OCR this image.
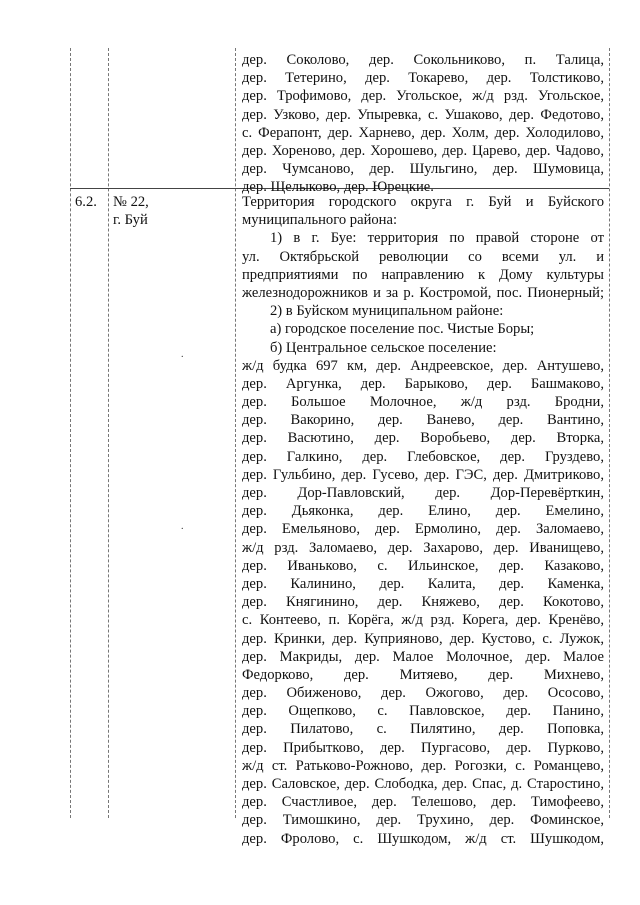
дер. Соколово, дер. Сокольниково, п. Талица,
дер. Тетерино, дер. Токарево, дер. Толстиково,
дер. Трофимово, дер. Угольское, ж/д рзд. Угольское,
дер. Узково, дер. Упыревка, с. Ушаково, дер. Федотово,
с. Ферапонт, дер. Харнево, дер. Холм, дер. Холодилово,
дер. Хореново, дер. Хорошево, дер. Царево, дер. Чадово,
дер. Чумсаново, дер. Шульгино, дер. Шумовица,
дер. Щелыково, дер. Юрецкие.
6.2. № 22,
г. Буй
Территория городского округа г. Буй и Буйского
муниципального района:
1) в г. Буе: территория по правой стороне от
ул. Октябрьской революции со всеми ул. и
предприятиями по направлению к Дому культуры
железнодорожников и за р. Костромой, пос. Пионерный;
2) в Буйском муниципальном районе:
а) городское поселение пос. Чистые Боры;
б) Центральное сельское поселение:
ж/д будка 697 км, дер. Андреевское, дер. Антушево,
дер. Аргунка, дер. Барыково, дер. Башмаково,
дер. Большое Молочное, ж/д рзд. Бродни,
дер. Вакорино, дер. Ванево, дер. Вантино,
дер. Васютино, дер. Воробьево, дер. Вторка,
дер. Галкино, дер. Глебовское, дер. Груздево,
дер. Гульбино, дер. Гусево, дер. ГЭС, дер. Дмитриково,
дер. Дор-Павловский, дер. Дор-Перевёрткин,
дер. Дьяконка, дер. Елино, дер. Емелино,
дер. Емельяново, дер. Ермолино, дер. Заломаево,
ж/д рзд. Заломаево, дер. Захарово, дер. Иванищево,
дер. Иваньково, с. Ильинское, дер. Казаково,
дер. Калинино, дер. Калита, дер. Каменка,
дер. Княгинино, дер. Княжево, дер. Кокотово,
с. Контеево, п. Корёга, ж/д рзд. Корега, дер. Кренёво,
дер. Кринки, дер. Куприяново, дер. Кустово, с. Лужок,
дер. Макриды, дер. Малое Молочное, дер. Малое
Федорково, дер. Митяево, дер. Михнево,
дер. Обиженово, дер. Ожогово, дер. Ососово,
дер. Ощепково, с. Павловское, дер. Панино,
дер. Пилатово, с. Пилятино, дер. Поповка,
дер. Прибытково, дер. Пургасово, дер. Пурково,
ж/д ст. Ратьково-Рожново, дер. Рогозки, с. Романцево,
дер. Саловское, дер. Слободка, дер. Спас, д. Старостино,
дер. Счастливое, дер. Телешово, дер. Тимофеево,
дер. Тимошкино, дер. Трухино, дер. Фоминское,
дер. Фролово, с. Шушкодом, ж/д ст. Шушкодом,
.
.
